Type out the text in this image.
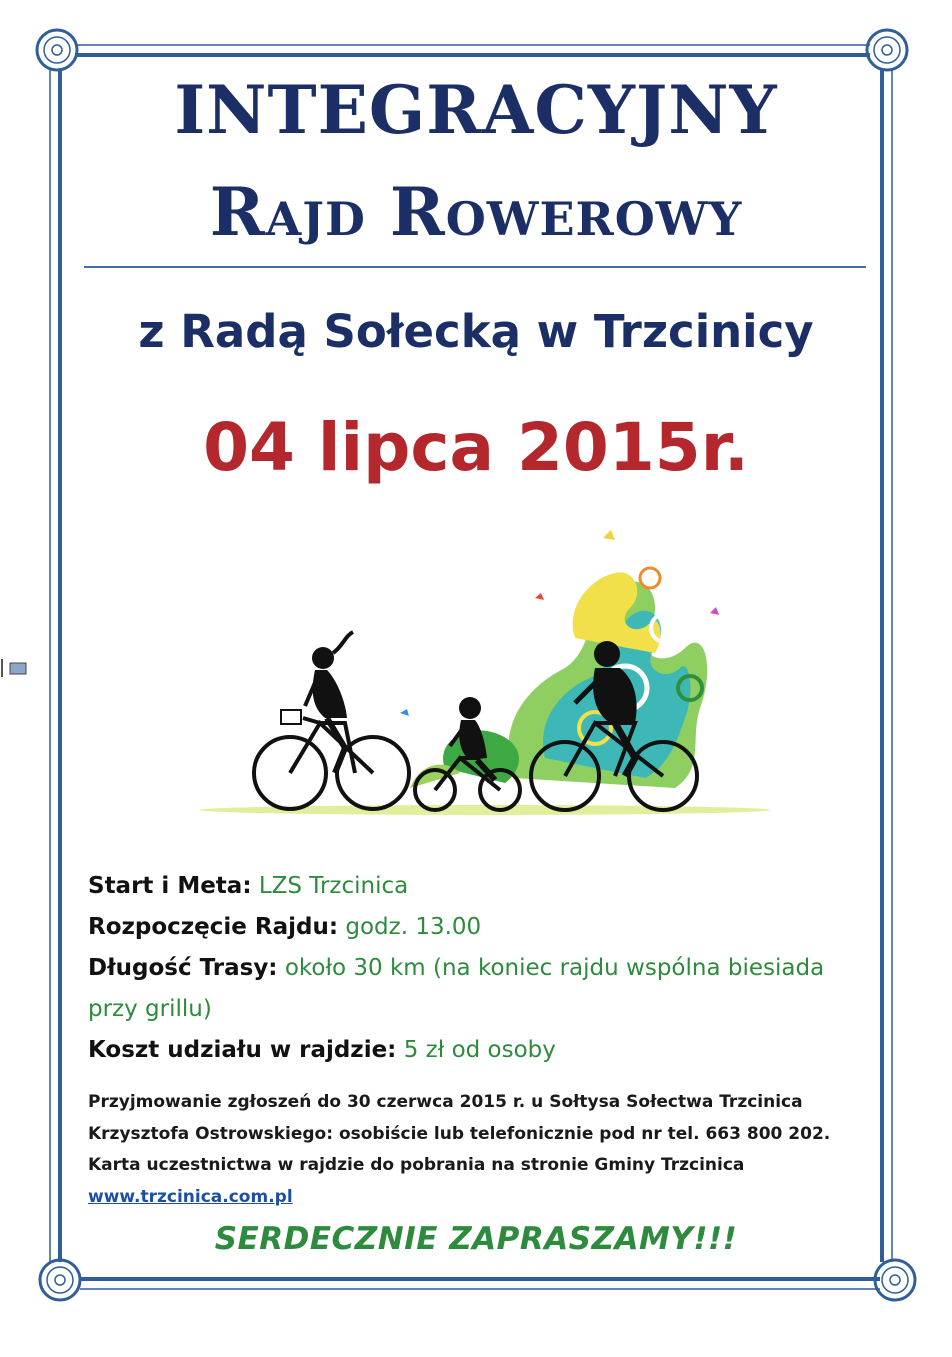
INTEGRACYJNY
Rajd Rowerowy
z Radą Sołecką w Trzcinicy
04 lipca 2015r.
Start i Meta: LZS Trzcinica
Rozpoczęcie Rajdu: godz. 13.00
Długość Trasy: około 30 km (na koniec rajdu wspólna biesiada
przy grillu)
Koszt udziału w rajdzie: 5 zł od osoby
Przyjmowanie zgłoszeń do 30 czerwca 2015 r. u Sołtysa Sołectwa Trzcinica
Krzysztofa Ostrowskiego: osobiście lub telefonicznie pod nr tel. 663 800 202.
Karta uczestnictwa w rajdzie do pobrania na stronie Gminy Trzcinica
www.trzcinica.com.pl
SERDECZNIE ZAPRASZAMY!!!
